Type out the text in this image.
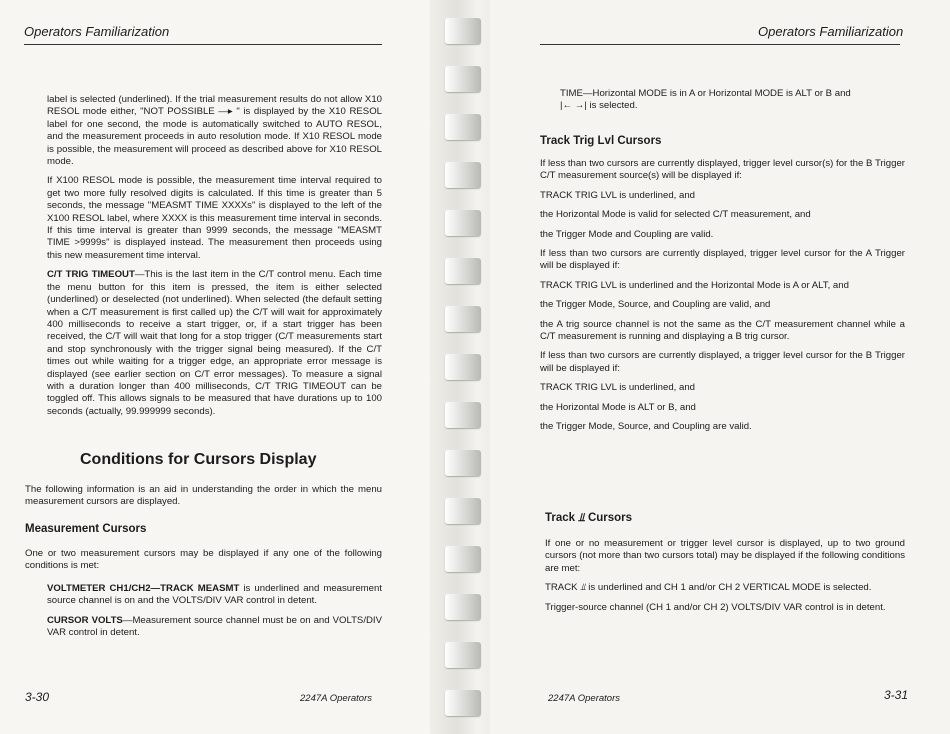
Operators Familiarization

label is selected (underlined). If the trial measurement results do not allow X10 RESOL mode either, "NOT POSSIBLE ―▸ " is displayed by the X10 RESOL label for one second, the mode is automatically switched to AUTO RESOL, and the measurement proceeds in auto resolution mode. If X10 RESOL mode is possible, the measurement will proceed as described above for X10 RESOL mode.

If X100 RESOL mode is possible, the measurement time interval required to get two more fully resolved digits is calculated. If this time is greater than 5 seconds, the message "MEASMT TIME XXXXs" is displayed to the left of the X100 RESOL label, where XXXX is this measurement time interval in seconds. If this time interval is greater than 9999 seconds, the message "MEASMT TIME >9999s" is displayed instead. The measurement then proceeds using this new measurement time interval.

C/T TRIG TIMEOUT—This is the last item in the C/T control menu. Each time the menu button for this item is pressed, the item is either selected (underlined) or deselected (not underlined). When selected (the default setting when a C/T measurement is first called up) the C/T will wait for approximately 400 milliseconds to receive a start trigger, or, if a start trigger has been received, the C/T will wait that long for a stop trigger (C/T measurements start and stop synchronously with the trigger signal being measured). If the C/T times out while waiting for a trigger edge, an appropriate error message is displayed (see earlier section on C/T error messages). To measure a signal with a duration longer than 400 milliseconds, C/T TRIG TIMEOUT can be toggled off. This allows signals to be measured that have durations up to 100 seconds (actually, 99.999999 seconds).

Conditions for Cursors Display
The following information is an aid in understanding the order in which the menu measurement cursors are displayed.
Measurement Cursors
One or two measurement cursors may be displayed if any one of the following conditions is met:

VOLTMETER CH1/CH2—TRACK MEASMT is underlined and measurement source channel is on and the VOLTS/DIV VAR control in detent.

CURSOR VOLTS—Measurement source channel must be on and VOLTS/DIV VAR control in detent.

3-30	2247A Operators
Operators Familiarization
TIME—Horizontal MODE is in A or Horizontal MODE is ALT or B and
|← →| is selected.
Track Trig Lvl Cursors

If less than two cursors are currently displayed, trigger level cursor(s) for the B Trigger C/T measurement source(s) will be displayed if:

TRACK TRIG LVL is underlined, and

the Horizontal Mode is valid for selected C/T measurement, and

the Trigger Mode and Coupling are valid.

If less than two cursors are currently displayed, trigger level cursor for the A Trigger will be displayed if:

TRACK TRIG LVL is underlined and the Horizontal Mode is A or ALT, and

the Trigger Mode, Source, and Coupling are valid, and

the A trig source channel is not the same as the C/T measurement channel while a C/T measurement is running and displaying a B trig cursor.

If less than two cursors are currently displayed, a trigger level cursor for the B Trigger will be displayed if:

TRACK TRIG LVL is underlined, and

the Horizontal Mode is ALT or B, and

the Trigger Mode, Source, and Coupling are valid.

Track ⫫ Cursors

If one or no measurement or trigger level cursor is displayed, up to two ground cursors (not more than two cursors total) may be displayed if the following conditions are met:

TRACK ⫫ is underlined and CH 1 and/or CH 2 VERTICAL MODE is selected.

Trigger-source channel (CH 1 and/or CH 2) VOLTS/DIV VAR control is in detent.

2247A Operators	3-31
